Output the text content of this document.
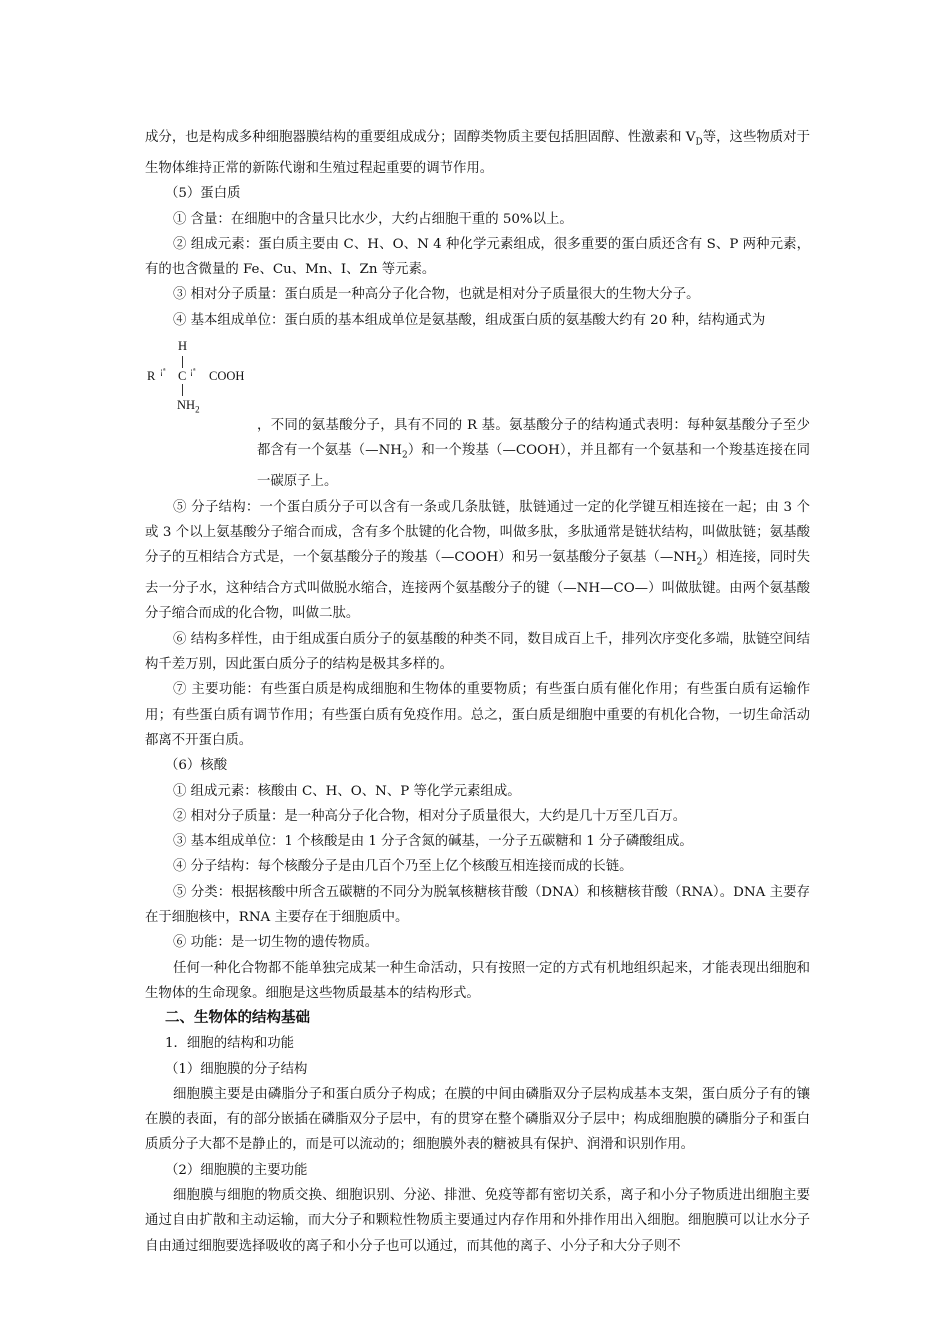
成分，也是构成多种细胞器膜结构的重要组成成分；固醇类物质主要包括胆固醇、性激素和 $V_D$等，这些物质对于生物体维持正常的新陈代谢和生殖过程起重要的调节作用。

（5）蛋白质

① 含量：在细胞中的含量只比水少，大约占细胞干重的 50%以上。

② 组成元素：蛋白质主要由 C、H、O、N 4 种化学元素组成，很多重要的蛋白质还含有 S、P 两种元素，有的也含微量的 Fe、Cu、Mn、I、Zn 等元素。

③ 相对分子质量：蛋白质是一种高分子化合物，也就是相对分子质量很大的生物大分子。

④ 基本组成单位：蛋白质的基本组成单位是氨基酸，组成蛋白质的氨基酸大约有 20 种，结构通式为

H
R ¡ª C ¡ª COOH
$NH_2$

，不同的氨基酸分子，具有不同的 R 基。氨基酸分子的结构通式表明：每种氨基酸分子至少都含有一个氨基$(—NH_2)$和一个羧基（—COOH），并且都有一个氨基和一个羧基连接在同一碳原子上。

⑤ 分子结构：一个蛋白质分子可以含有一条或几条肽链，肽链通过一定的化学键互相连接在一起；由 3 个或 3 个以上氨基酸分子缩合而成，含有多个肽键的化合物，叫做多肽，多肽通常是链状结构，叫做肽链；氨基酸分子的互相结合方式是，一个氨基酸分子的羧基（—COOH）和另一氨基酸分子氨基$(—NH_2)$相连接，同时失去一分子水，这种结合方式叫做脱水缩合，连接两个氨基酸分子的键（—NH—CO—）叫做肽键。由两个氨基酸分子缩合而成的化合物，叫做二肽。

⑥ 结构多样性，由于组成蛋白质分子的氨基酸的种类不同，数目成百上千，排列次序变化多端，肽链空间结构千差万别，因此蛋白质分子的结构是极其多样的。

⑦ 主要功能：有些蛋白质是构成细胞和生物体的重要物质；有些蛋白质有催化作用；有些蛋白质有运输作用；有些蛋白质有调节作用；有些蛋白质有免疫作用。总之，蛋白质是细胞中重要的有机化合物，一切生命活动都离不开蛋白质。

（6）核酸

① 组成元素：核酸由 C、H、O、N、P 等化学元素组成。

② 相对分子质量：是一种高分子化合物，相对分子质量很大，大约是几十万至几百万。

③ 基本组成单位：1 个核酸是由 1 分子含氮的碱基，一分子五碳糖和 1 分子磷酸组成。

④ 分子结构：每个核酸分子是由几百个乃至上亿个核酸互相连接而成的长链。

⑤ 分类：根据核酸中所含五碳糖的不同分为脱氧核糖核苷酸（DNA）和核糖核苷酸（RNA）。DNA 主要存在于细胞核中，RNA 主要存在于细胞质中。

⑥ 功能：是一切生物的遗传物质。

任何一种化合物都不能单独完成某一种生命活动，只有按照一定的方式有机地组织起来，才能表现出细胞和生物体的生命现象。细胞是这些物质最基本的结构形式。

二、生物体的结构基础

1．细胞的结构和功能

（1）细胞膜的分子结构

细胞膜主要是由磷脂分子和蛋白质分子构成；在膜的中间由磷脂双分子层构成基本支架，蛋白质分子有的镶在膜的表面，有的部分嵌插在磷脂双分子层中，有的贯穿在整个磷脂双分子层中；构成细胞膜的磷脂分子和蛋白质质分子大都不是静止的，而是可以流动的；细胞膜外表的糖被具有保护、润滑和识别作用。

（2）细胞膜的主要功能

细胞膜与细胞的物质交换、细胞识别、分泌、排泄、免疫等都有密切关系，离子和小分子物质进出细胞主要通过自由扩散和主动运输，而大分子和颗粒性物质主要通过内存作用和外排作用出入细胞。细胞膜可以让水分子自由通过细胞要选择吸收的离子和小分子也可以通过，而其他的离子、小分子和大分子则不
